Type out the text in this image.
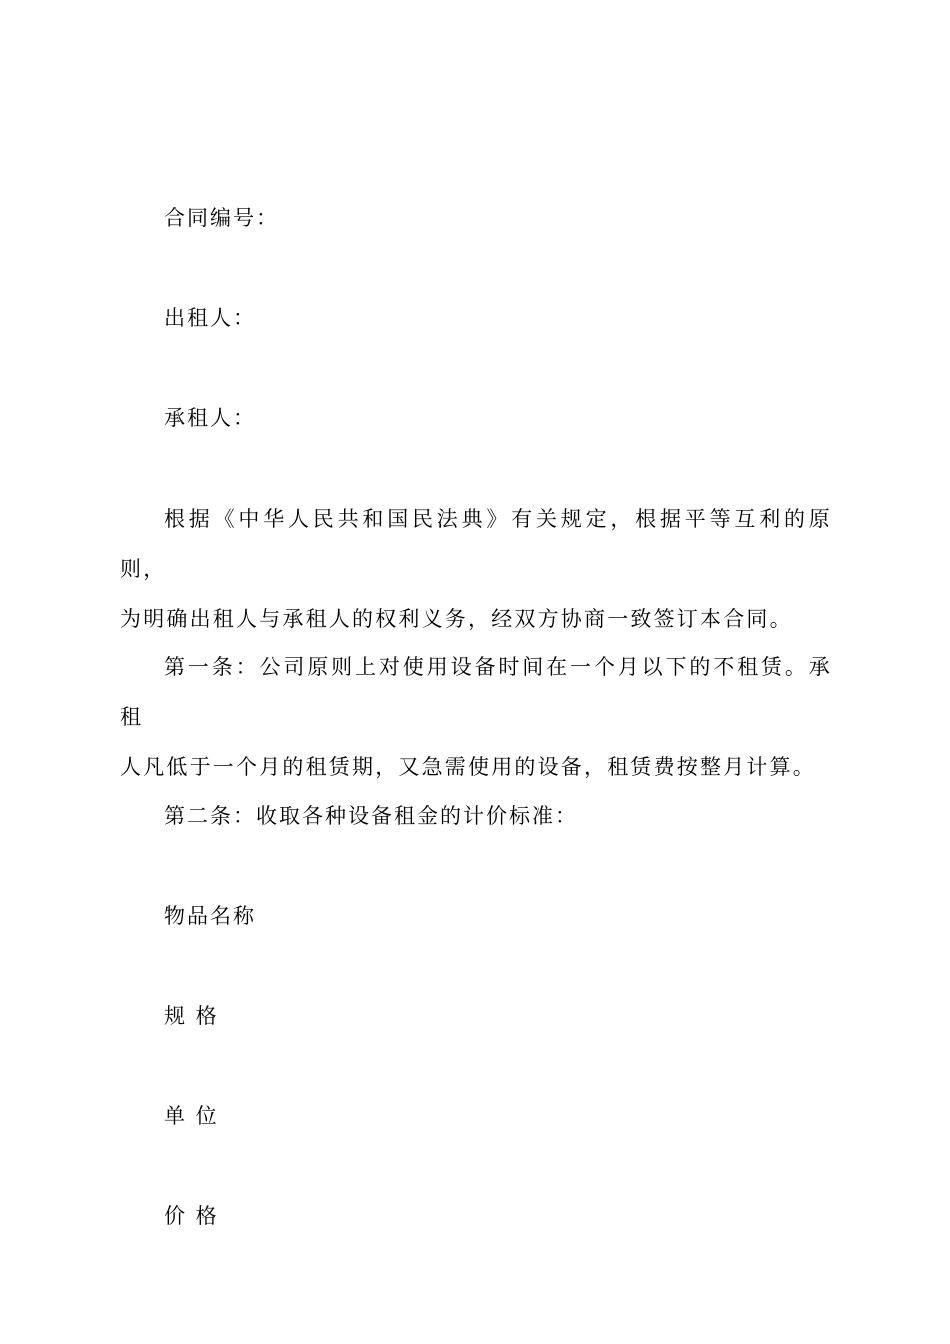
合同编号：
出租人：
承租人：
根据《中华人民共和国民法典》有关规定，根据平等互利的原则，
为明确出租人与承租人的权利义务，经双方协商一致签订本合同。
第一条：公司原则上对使用设备时间在一个月以下的不租赁。承租
人凡低于一个月的租赁期，又急需使用的设备，租赁费按整月计算。
第二条：收取各种设备租金的计价标准：
物品名称
规 格
单 位
价 格
